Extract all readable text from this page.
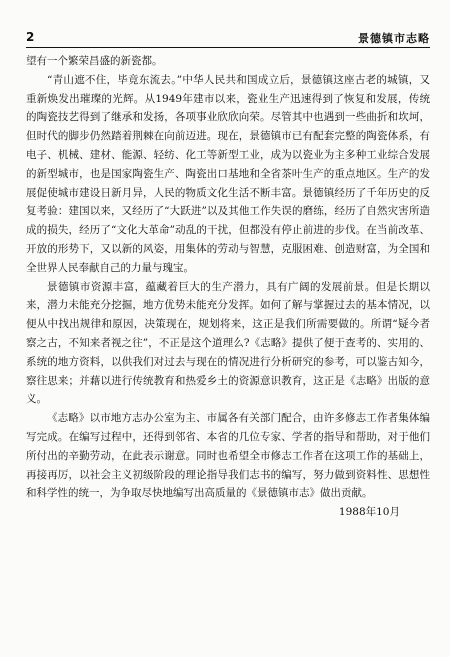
2	景德镇市志略

望有一个繁荣昌盛的新瓷都。

“青山遮不住，毕竟东流去。”中华人民共和国成立后，景德镇这座古老的城镇，又重新焕发出璀璨的光辉。从1949年建市以来，瓷业生产迅速得到了恢复和发展，传统的陶瓷技艺得到了继承和发扬，各项事业欣欣向荣。尽管其中也遇到一些曲折和坎坷，但时代的脚步仍然踏着荆棘在向前迈进。现在，景德镇市已有配套完整的陶瓷体系，有电子、机械、建材、能源、轻纺、化工等新型工业，成为以瓷业为主多种工业综合发展的新型城市，也是国家陶瓷生产、陶瓷出口基地和全省茶叶生产的重点地区。生产的发展促使城市建设日新月异，人民的物质文化生活不断丰富。景德镇经历了千年历史的反复考验：建国以来，又经历了“大跃进”以及其他工作失误的磨练，经历了自然灾害所造成的损失，经历了“文化大革命”动乱的干扰，但都没有停止前进的步伐。在当前改革、开放的形势下，又以新的风姿，用集体的劳动与智慧，克服困难、创造财富，为全国和全世界人民奉献自己的力量与瑰宝。

景德镇市资源丰富，蕴藏着巨大的生产潜力，具有广阔的发展前景。但是长期以来，潜力未能充分挖掘，地方优势未能充分发挥。如何了解与掌握过去的基本情况，以便从中找出规律和原因，决策现在，规划将来，这正是我们所需要做的。所谓“疑今者察之古，不知来者视之往”，不正是这个道理么?《志略》提供了便于查考的、实用的、系统的地方资料，以供我们对过去与现在的情况进行分析研究的参考，可以鉴古知今，察往思来；并藉以进行传统教育和热爱乡土的资源意识教育，这正是《志略》出版的意义。

《志略》以市地方志办公室为主、市属各有关部门配合，由许多修志工作者集体编写完成。在编写过程中，还得到邻省、本省的几位专家、学者的指导和帮助，对于他们所付出的辛勤劳动，在此表示谢意。同时也希望全市修志工作者在这项工作的基础上，再接再厉，以社会主义初级阶段的理论指导我们志书的编写，努力做到资料性、思想性和科学性的统一，为争取尽快地编写出高质量的《景德镇市志》做出贡献。

1988年10月
